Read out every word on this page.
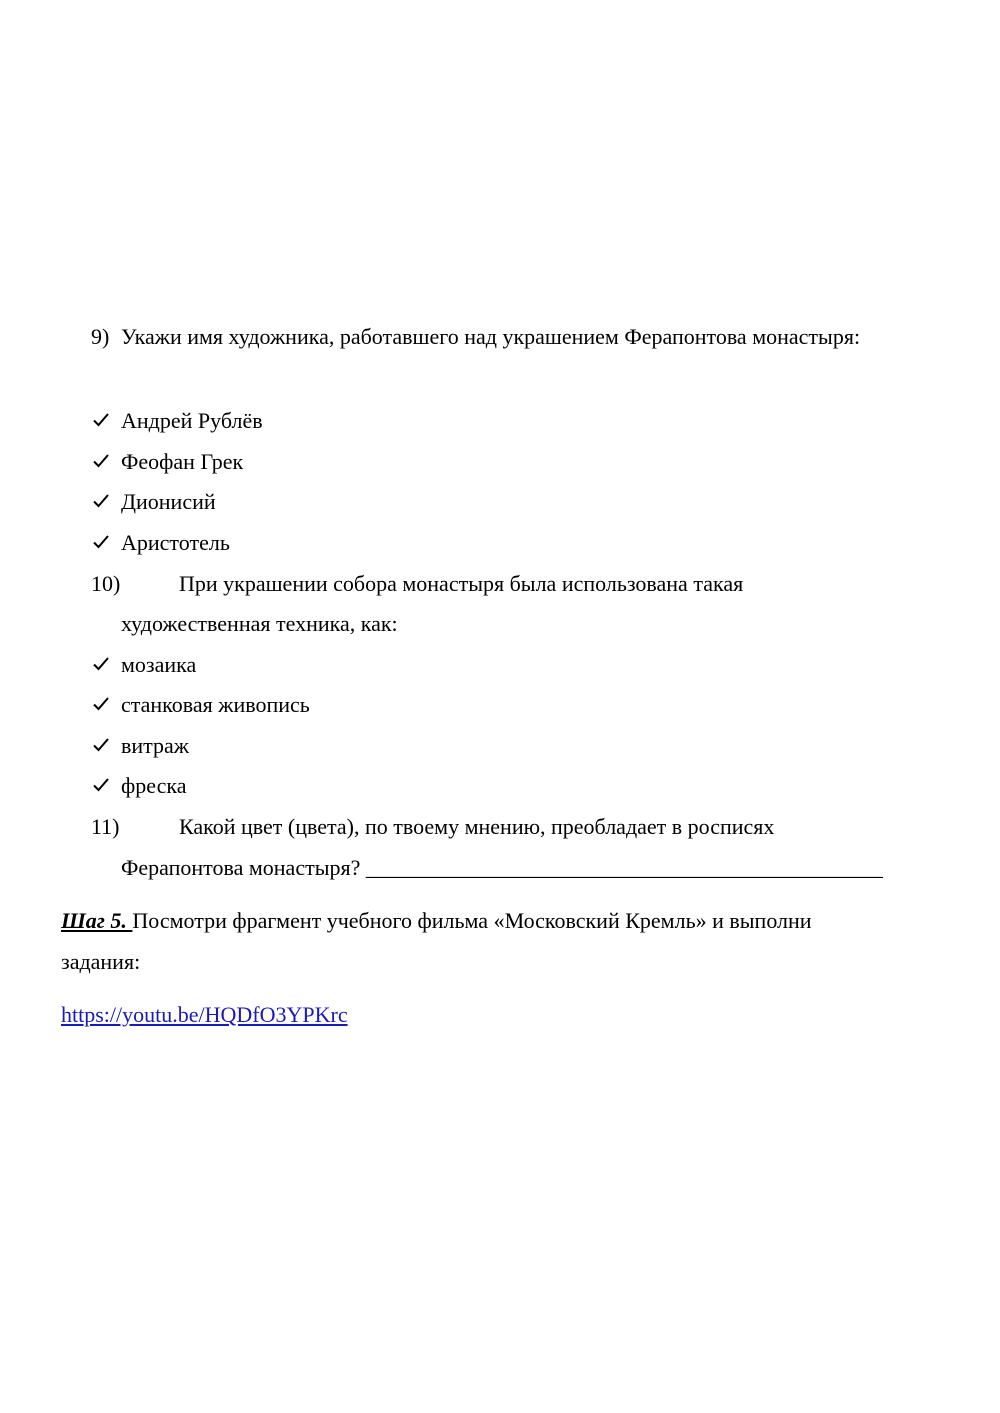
9) Укажи имя художника, работавшего над украшением Ферапонтова монастыря:
Андрей Рублёв
Феофан Грек
Дионисий
Аристотель
10)	При украшении собора монастыря была использована такая
художественная техника, как:
мозаика
станковая живопись
витраж
фреска
11)	Какой цвет (цвета), по твоему мнению, преобладает в росписях
Ферапонтова монастыря? _______________________________________________
Шаг 5. Посмотри фрагмент учебного фильма «Московский Кремль» и выполни
задания:
https://youtu.be/HQDfO3YPKrc
